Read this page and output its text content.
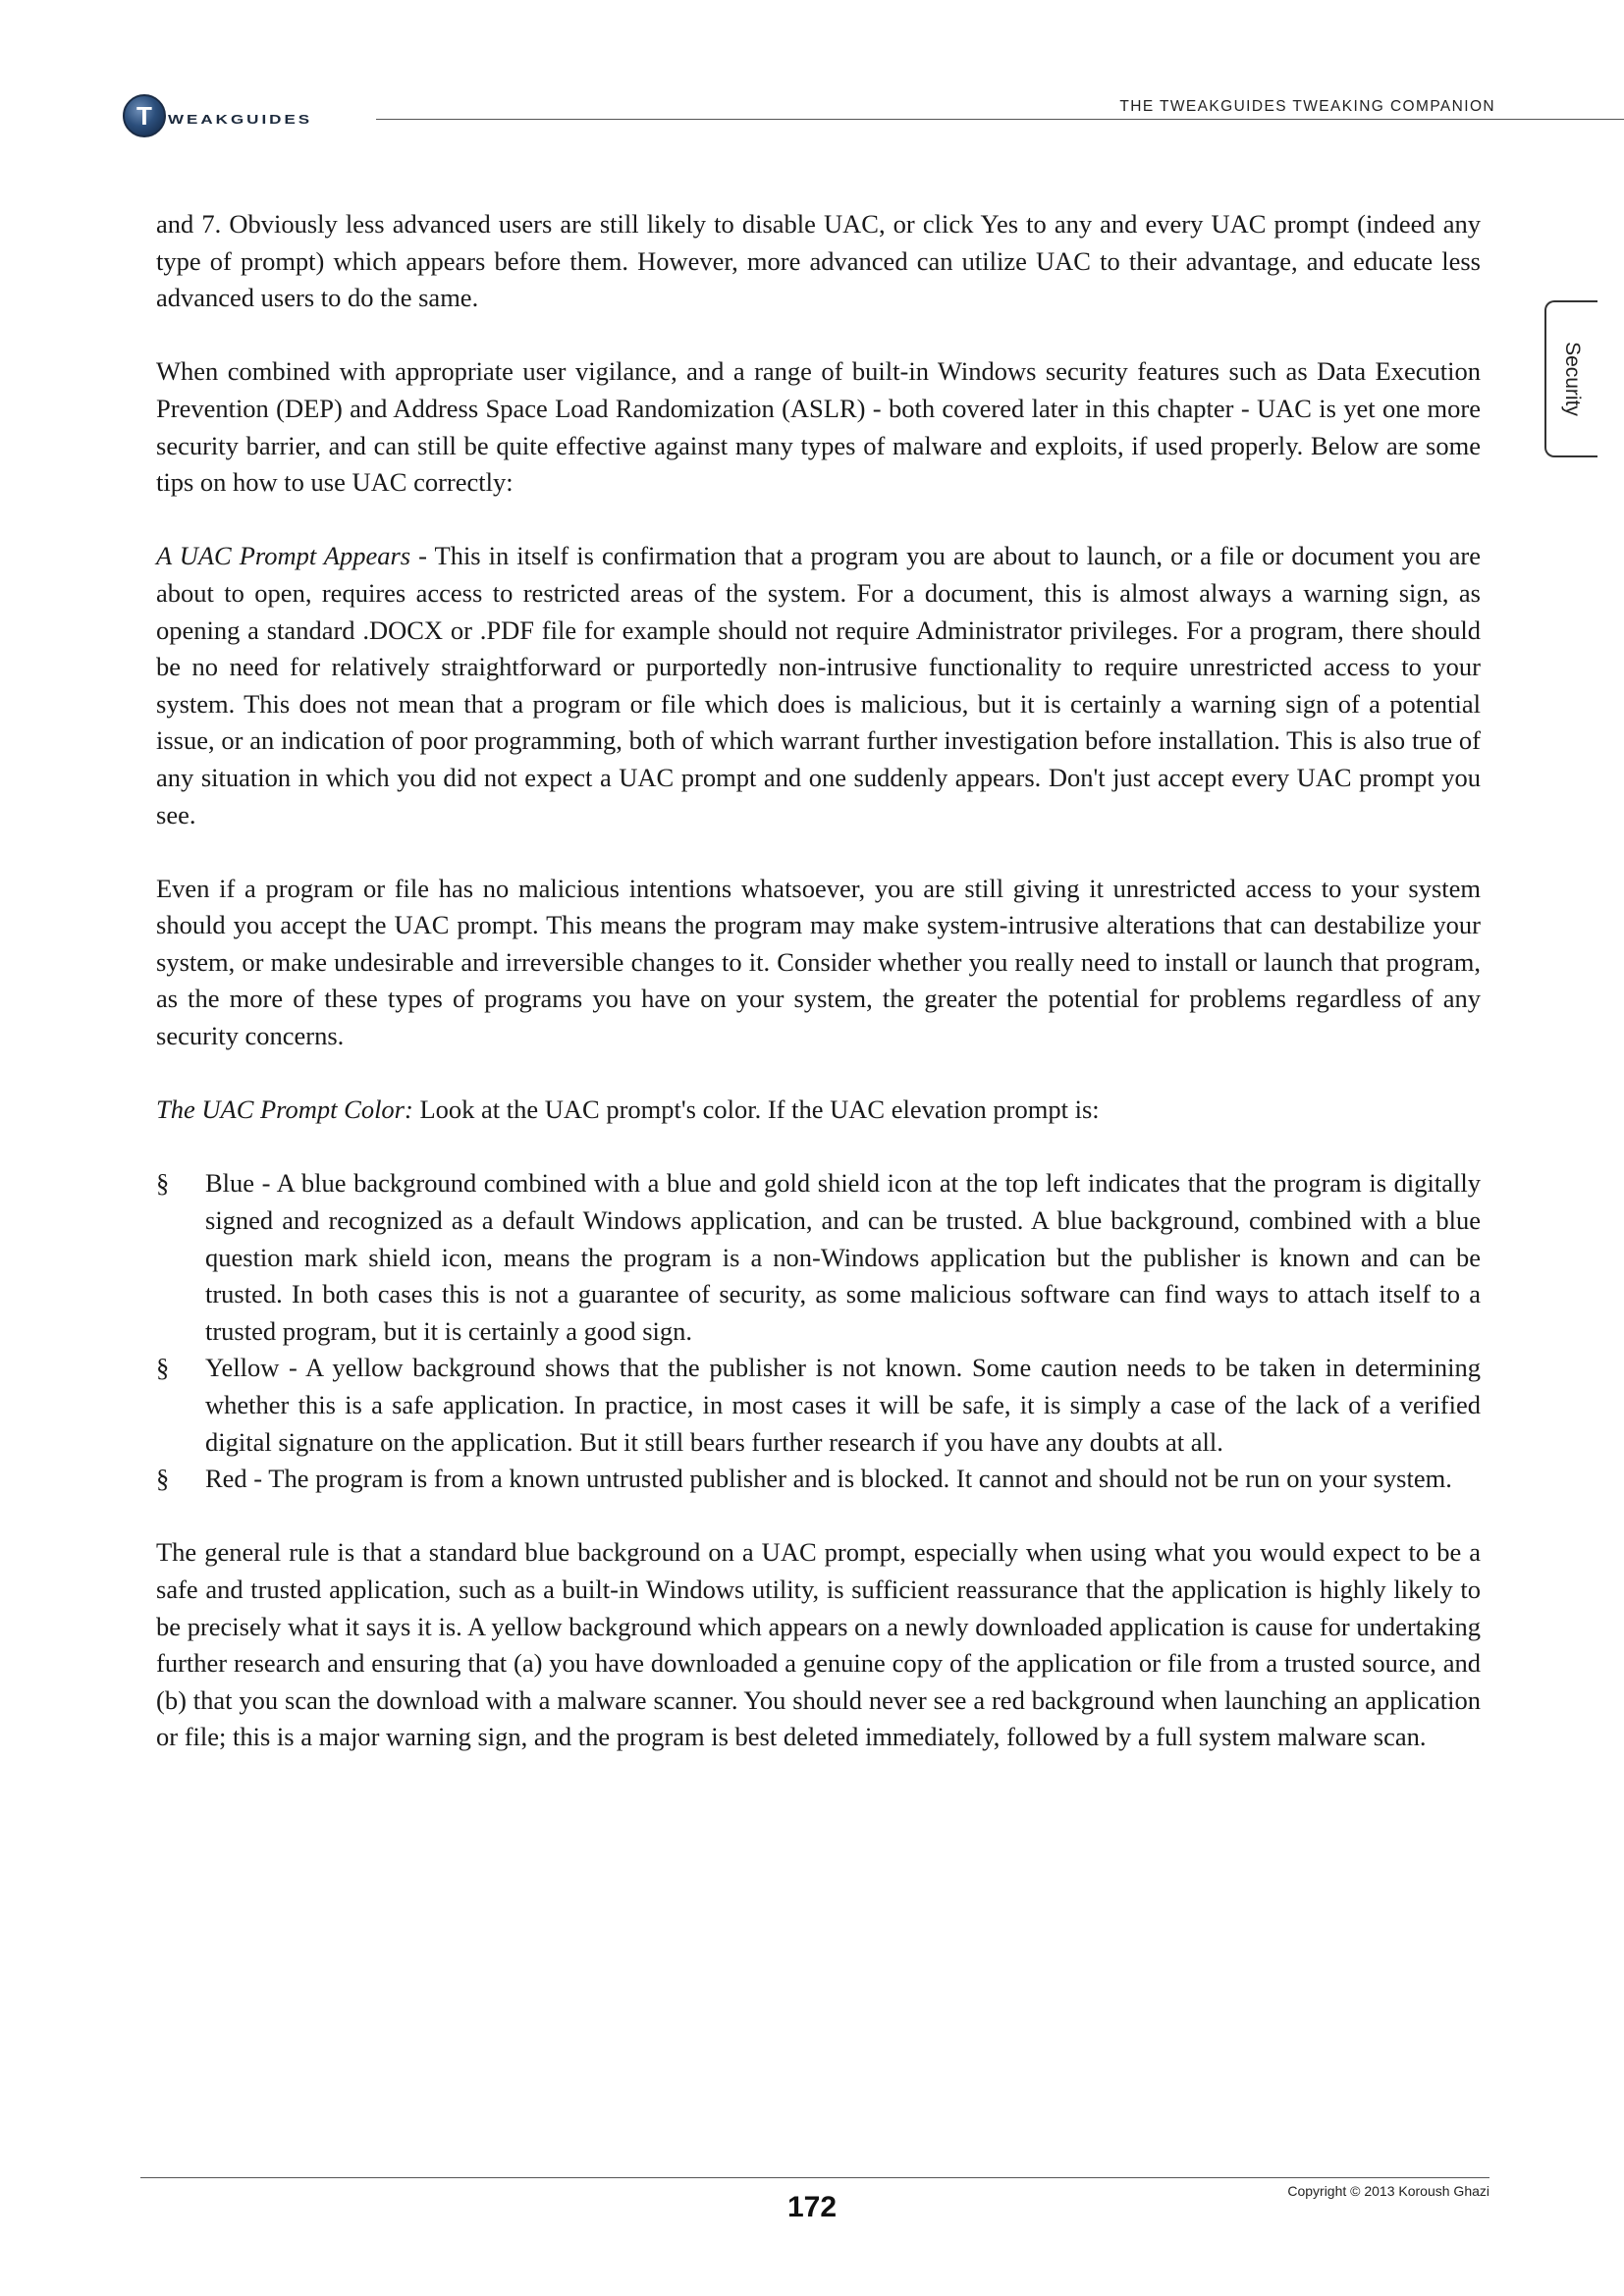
T WEAKGUIDES
THE TWEAKGUIDES TWEAKING COMPANION
Security

and 7. Obviously less advanced users are still likely to disable UAC, or click Yes to any and every UAC prompt (indeed any type of prompt) which appears before them. However, more advanced can utilize UAC to their advantage, and educate less advanced users to do the same.

When combined with appropriate user vigilance, and a range of built-in Windows security features such as Data Execution Prevention (DEP) and Address Space Load Randomization (ASLR) - both covered later in this chapter - UAC is yet one more security barrier, and can still be quite effective against many types of malware and exploits, if used properly. Below are some tips on how to use UAC correctly:

A UAC Prompt Appears - This in itself is confirmation that a program you are about to launch, or a file or document you are about to open, requires access to restricted areas of the system. For a document, this is almost always a warning sign, as opening a standard .DOCX or .PDF file for example should not require Administrator privileges. For a program, there should be no need for relatively straightforward or purportedly non-intrusive functionality to require unrestricted access to your system. This does not mean that a program or file which does is malicious, but it is certainly a warning sign of a potential issue, or an indication of poor programming, both of which warrant further investigation before installation. This is also true of any situation in which you did not expect a UAC prompt and one suddenly appears. Don't just accept every UAC prompt you see.

Even if a program or file has no malicious intentions whatsoever, you are still giving it unrestricted access to your system should you accept the UAC prompt. This means the program may make system-intrusive alterations that can destabilize your system, or make undesirable and irreversible changes to it. Consider whether you really need to install or launch that program, as the more of these types of programs you have on your system, the greater the potential for problems regardless of any security concerns.

The UAC Prompt Color: Look at the UAC prompt's color. If the UAC elevation prompt is:

§ Blue - A blue background combined with a blue and gold shield icon at the top left indicates that the program is digitally signed and recognized as a default Windows application, and can be trusted. A blue background, combined with a blue question mark shield icon, means the program is a non-Windows application but the publisher is known and can be trusted. In both cases this is not a guarantee of security, as some malicious software can find ways to attach itself to a trusted program, but it is certainly a good sign.
§ Yellow - A yellow background shows that the publisher is not known. Some caution needs to be taken in determining whether this is a safe application. In practice, in most cases it will be safe, it is simply a case of the lack of a verified digital signature on the application. But it still bears further research if you have any doubts at all.
§ Red - The program is from a known untrusted publisher and is blocked. It cannot and should not be run on your system.

The general rule is that a standard blue background on a UAC prompt, especially when using what you would expect to be a safe and trusted application, such as a built-in Windows utility, is sufficient reassurance that the application is highly likely to be precisely what it says it is. A yellow background which appears on a newly downloaded application is cause for undertaking further research and ensuring that (a) you have downloaded a genuine copy of the application or file from a trusted source, and (b) that you scan the download with a malware scanner. You should never see a red background when launching an application or file; this is a major warning sign, and the program is best deleted immediately, followed by a full system malware scan.

Copyright © 2013 Koroush Ghazi
172
